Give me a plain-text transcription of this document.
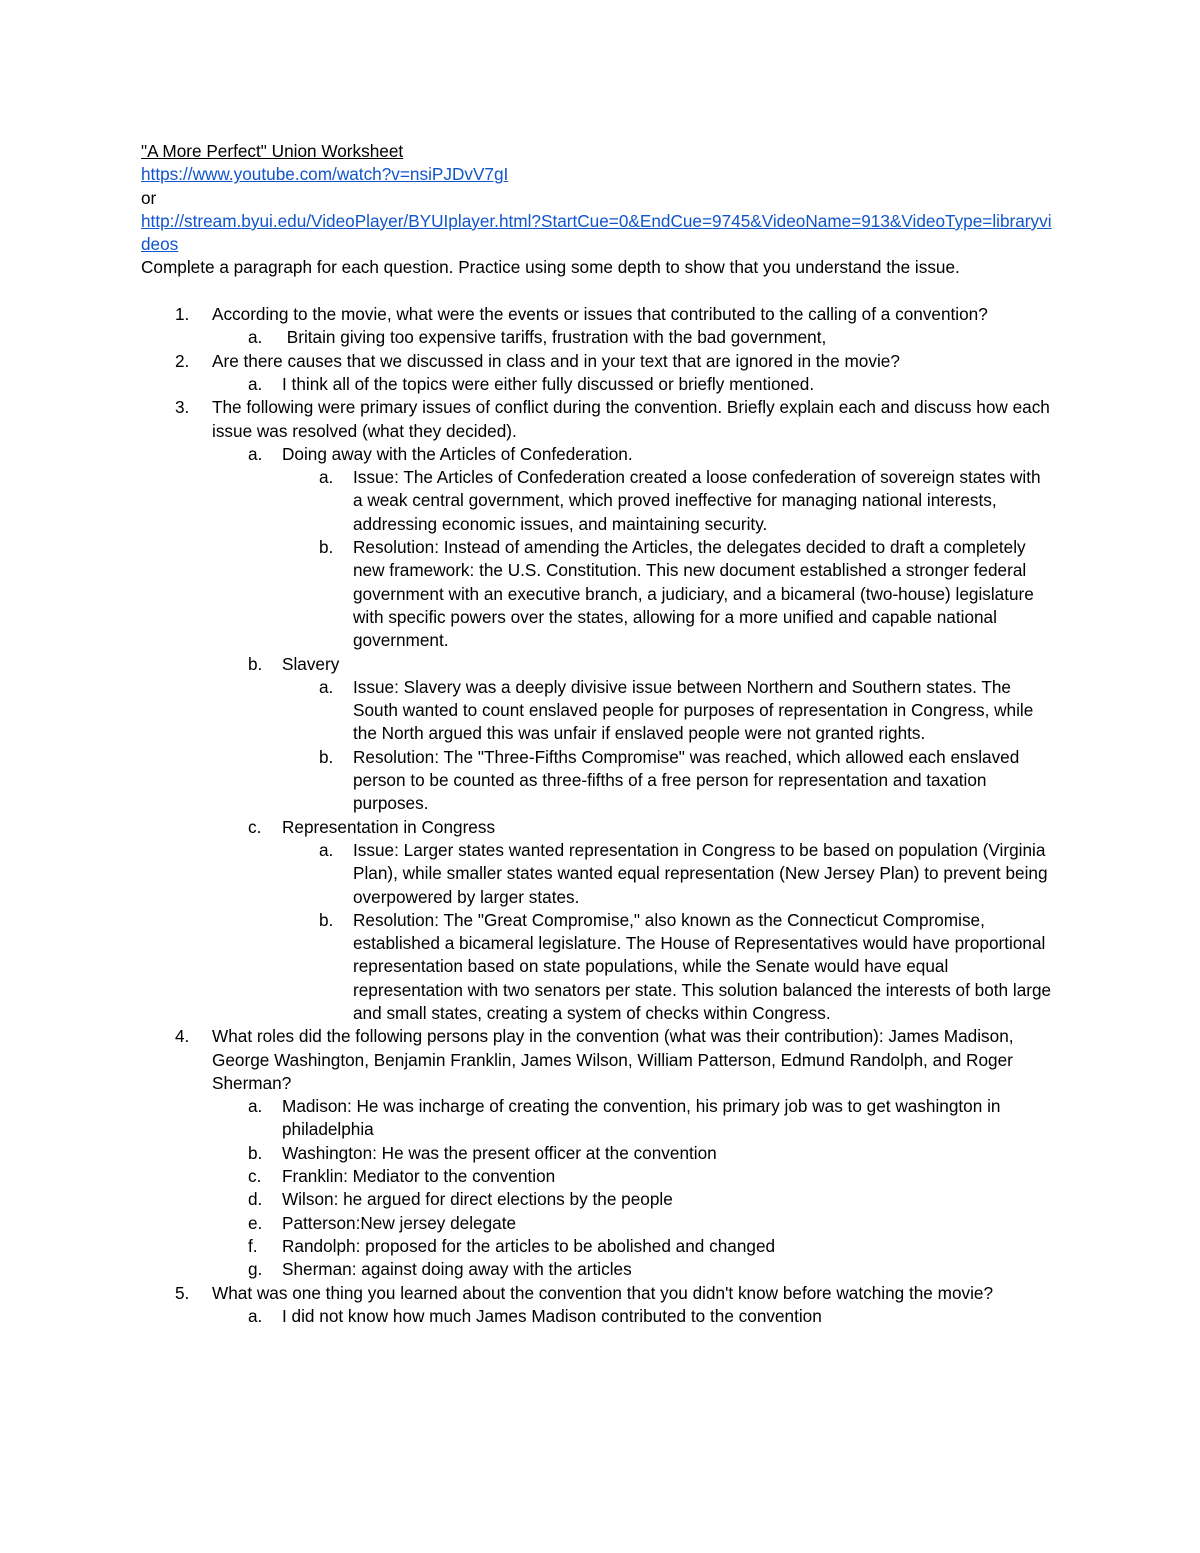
"A More Perfect" Union Worksheet
https://www.youtube.com/watch?v=nsiPJDvV7gI
or
http://stream.byui.edu/VideoPlayer/BYUIplayer.html?StartCue=0&EndCue=9745&VideoName=913&VideoType=libraryvideos
Complete a paragraph for each question. Practice using some depth to show that you understand the issue.
1. According to the movie, what were the events or issues that contributed to the calling of a convention?
a. Britain giving too expensive tariffs, frustration with the bad government,
2. Are there causes that we discussed in class and in your text that are ignored in the movie?
a. I think all of the topics were either fully discussed or briefly mentioned.
3. The following were primary issues of conflict during the convention. Briefly explain each and discuss how each issue was resolved (what they decided).
a. Doing away with the Articles of Confederation.
a. Issue: The Articles of Confederation created a loose confederation of sovereign states with a weak central government, which proved ineffective for managing national interests, addressing economic issues, and maintaining security.
b. Resolution: Instead of amending the Articles, the delegates decided to draft a completely new framework: the U.S. Constitution. This new document established a stronger federal government with an executive branch, a judiciary, and a bicameral (two-house) legislature with specific powers over the states, allowing for a more unified and capable national government.
b. Slavery
a. Issue: Slavery was a deeply divisive issue between Northern and Southern states. The South wanted to count enslaved people for purposes of representation in Congress, while the North argued this was unfair if enslaved people were not granted rights.
b. Resolution: The "Three-Fifths Compromise" was reached, which allowed each enslaved person to be counted as three-fifths of a free person for representation and taxation purposes.
c. Representation in Congress
a. Issue: Larger states wanted representation in Congress to be based on population (Virginia Plan), while smaller states wanted equal representation (New Jersey Plan) to prevent being overpowered by larger states.
b. Resolution: The "Great Compromise," also known as the Connecticut Compromise, established a bicameral legislature. The House of Representatives would have proportional representation based on state populations, while the Senate would have equal representation with two senators per state. This solution balanced the interests of both large and small states, creating a system of checks within Congress.
4. What roles did the following persons play in the convention (what was their contribution): James Madison, George Washington, Benjamin Franklin, James Wilson, William Patterson, Edmund Randolph, and Roger Sherman?
a. Madison: He was incharge of creating the convention, his primary job was to get washington in philadelphia
b. Washington: He was the present officer at the convention
c. Franklin: Mediator to the convention
d. Wilson: he argued for direct elections by the people
e. Patterson:New jersey delegate
f. Randolph: proposed for the articles to be abolished and changed
g. Sherman: against doing away with the articles
5. What was one thing you learned about the convention that you didn't know before watching the movie?
a. I did not know how much James Madison contributed to the convention
